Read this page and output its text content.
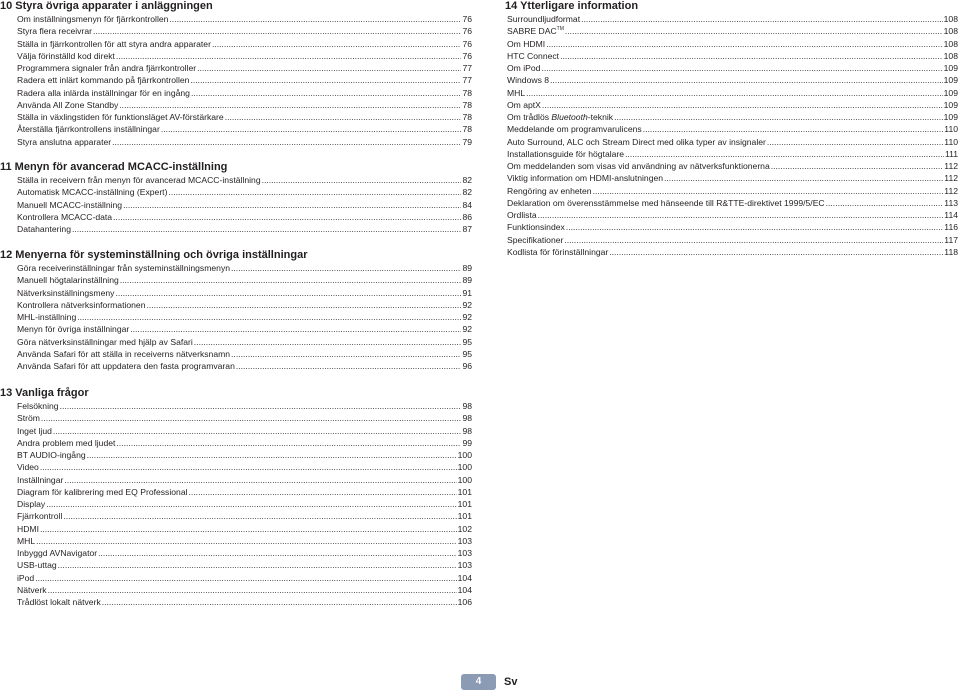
10 Styra övriga apparater i anläggningen
Om inställningsmenyn för fjärrkontrollen .....	76
Styra flera receivrar .....	76
Ställa in fjärrkontrollen för att styra andra apparater .....	76
Välja förinställd kod direkt .....	76
Programmera signaler från andra fjärrkontroller .....	77
Radera ett inlärt kommando på fjärrkontrollen .....	77
Radera alla inlärda inställningar för en ingång .....	78
Använda All Zone Standby .....	78
Ställa in växlingstiden för funktionsläget AV-förstärkare .....	78
Återställa fjärrkontrollens inställningar .....	78
Styra anslutna apparater .....	79
11 Menyn för avancerad MCACC-inställning
Ställa in receivern från menyn för avancerad MCACC-inställning .....	82
Automatisk MCACC-inställning (Expert) .....	82
Manuell MCACC-inställning .....	84
Kontrollera MCACC-data .....	86
Datahantering .....	87
12 Menyerna för systeminställning och övriga inställningar
Göra receiverinställningar från systeminställningsmenyn .....	89
Manuell högtalarinställning .....	89
Nätverksinställningsmeny .....	91
Kontrollera nätverksinformationen .....	92
MHL-inställning .....	92
Menyn för övriga inställningar .....	92
Göra nätverksinställningar med hjälp av Safari .....	95
Använda Safari för att ställa in receiverns nätverksnamn .....	95
Använda Safari för att uppdatera den fasta programvaran .....	96
13 Vanliga frågor
Felsökning .....	98
Ström .....	98
Inget ljud .....	98
Andra problem med ljudet .....	99
BT AUDIO-ingång .....	100
Video .....	100
Inställningar .....	100
Diagram för kalibrering med EQ Professional .....	101
Display .....	101
Fjärrkontroll .....	101
HDMI .....	102
MHL .....	103
Inbyggd AVNavigator .....	103
USB-uttag .....	103
iPod .....	104
Nätverk .....	104
Trådlöst lokalt nätverk .....	106
14 Ytterligare information
Surroundljudformat .....	108
SABRE DAC™ .....	108
Om HDMI .....	108
HTC Connect .....	108
Om iPod .....	109
Windows 8 .....	109
MHL .....	109
Om aptX .....	109
Om trådlös Bluetooth-teknik .....	109
Meddelande om programvarulicens .....	110
Auto Surround, ALC och Stream Direct med olika typer av insignaler .....	110
Installationsguide för högtalare .....	111
Om meddelanden som visas vid användning av nätverksfunktionerna .....	112
Viktig information om HDMI-anslutningen .....	112
Rengöring av enheten .....	112
Deklaration om överensstämmelse med hänseende till R&TTE-direktivet 1999/5/EC .....	113
Ordlista .....	114
Funktionsindex .....	116
Specifikationer .....	117
Kodlista för förinställningar .....	118
4	Sv
